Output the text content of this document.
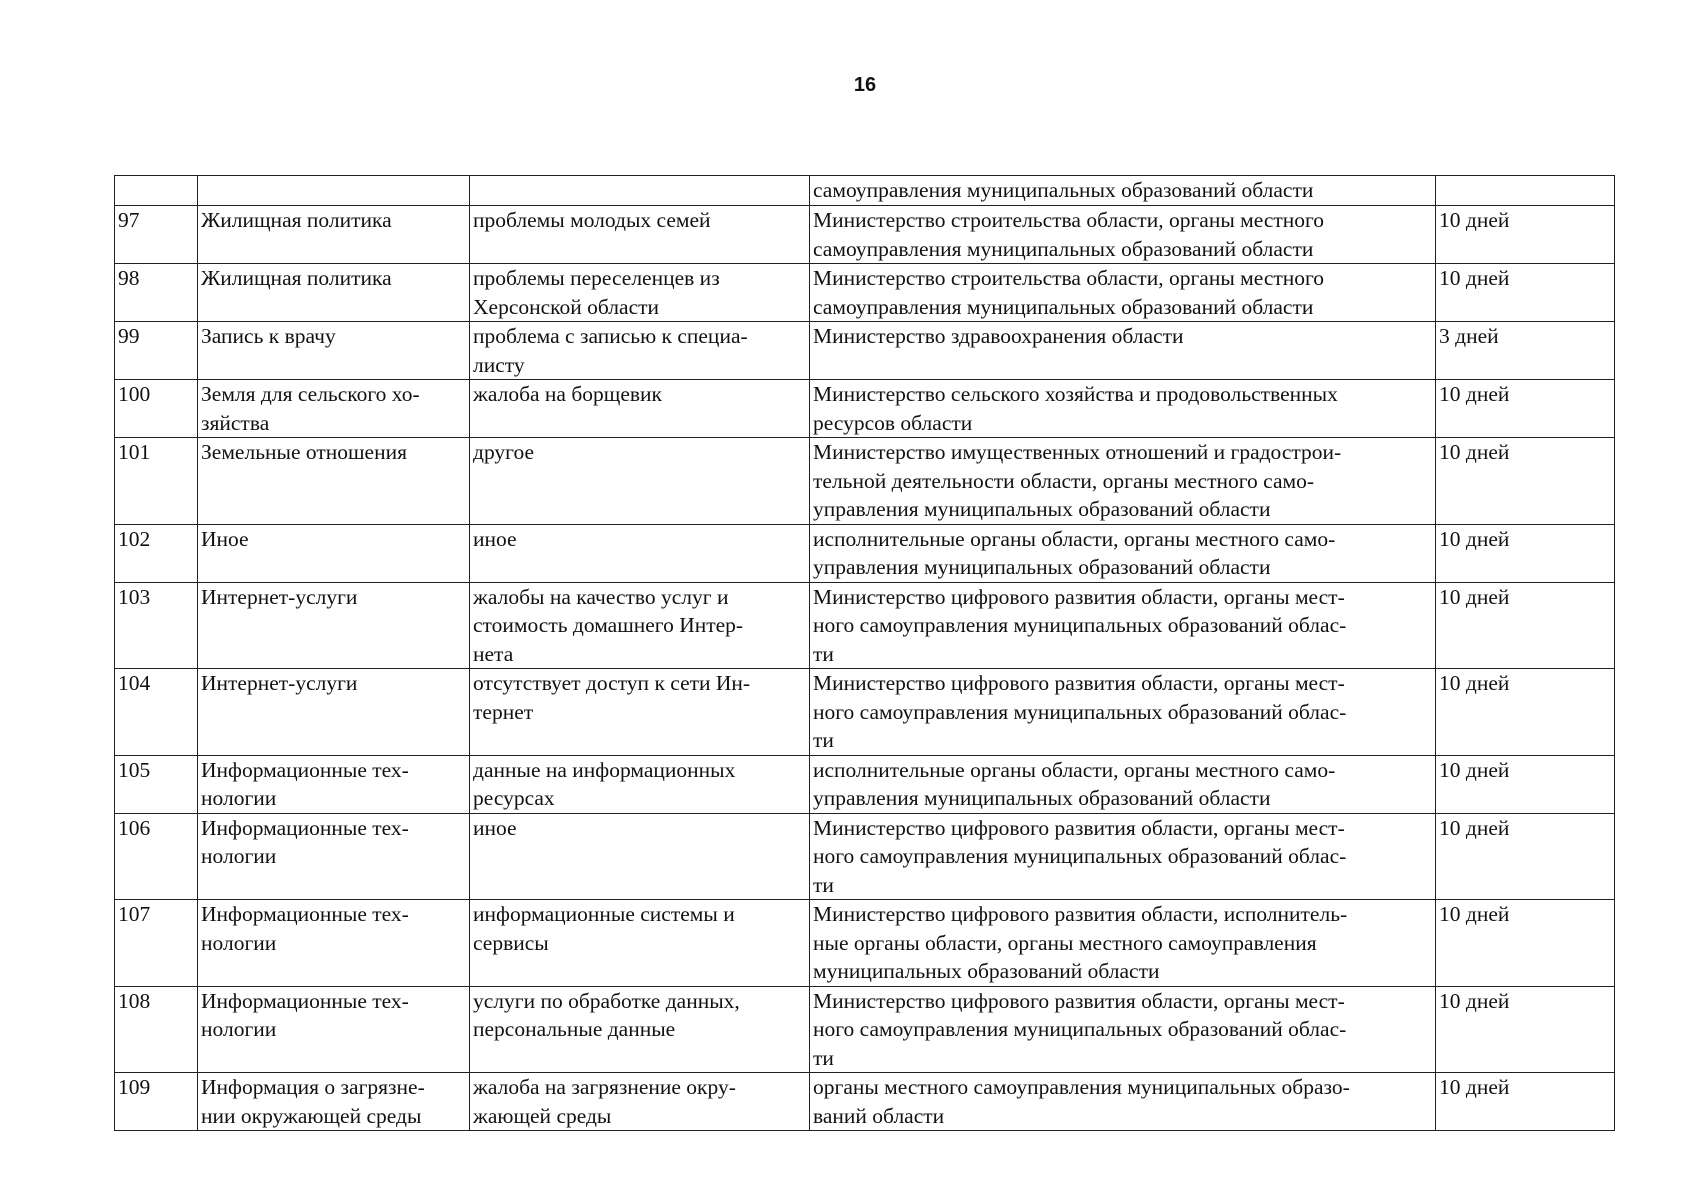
16

			самоуправления муниципальных образований области	

97	Жилищная политика	проблемы молодых семей	Министерство строительства области, органы местного
самоуправления муниципальных образований области	10 дней

98	Жилищная политика	проблемы переселенцев из
Херсонской области	Министерство строительства области, органы местного
самоуправления муниципальных образований области	10 дней

99	Запись к врачу	проблема с записью к специа-
листу	Министерство здравоохранения области	3 дней

100	Земля для сельского хо-
зяйства	жалоба на борщевик	Министерство сельского хозяйства и продовольственных
ресурсов области	10 дней

101	Земельные отношения	другое	Министерство имущественных отношений и градострои-
тельной деятельности области, органы местного само-
управления муниципальных образований области	10 дней

102	Иное	иное	исполнительные органы области, органы местного само-
управления муниципальных образований области	10 дней

103	Интернет-услуги	жалобы на качество услуг и
стоимость домашнего Интер-
нета	Министерство цифрового развития области, органы мест-
ного самоуправления муниципальных образований облас-
ти	10 дней

104	Интернет-услуги	отсутствует доступ к сети Ин-
тернет	Министерство цифрового развития области, органы мест-
ного самоуправления муниципальных образований облас-
ти	10 дней

105	Информационные тех-
нологии	данные на информационных
ресурсах	исполнительные органы области, органы местного само-
управления муниципальных образований области	10 дней

106	Информационные тех-
нологии	иное	Министерство цифрового развития области, органы мест-
ного самоуправления муниципальных образований облас-
ти	10 дней

107	Информационные тех-
нологии	информационные системы и
сервисы	Министерство цифрового развития области, исполнитель-
ные органы области, органы местного самоуправления
муниципальных образований области	10 дней

108	Информационные тех-
нологии	услуги по обработке данных,
персональные данные	Министерство цифрового развития области, органы мест-
ного самоуправления муниципальных образований облас-
ти	10 дней

109	Информация о загрязне-
нии окружающей среды	жалоба на загрязнение окру-
жающей среды	органы местного самоуправления муниципальных образо-
ваний области	10 дней
